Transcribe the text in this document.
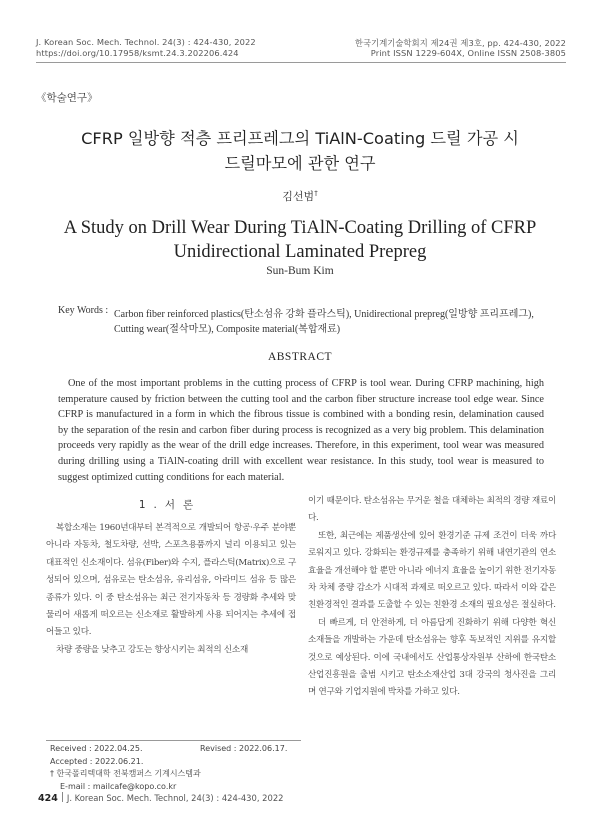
J. Korean Soc. Mech. Technol. 24(3) : 424-430, 2022
https://doi.org/10.17958/ksmt.24.3.202206.424
한국기계기술학회지 제24권 제3호, pp. 424-430, 2022
Print ISSN 1229-604X, Online ISSN 2508-3805
《학술연구》
CFRP 일방향 적층 프리프레그의 TiAlN-Coating 드릴 가공 시
드릴마모에 관한 연구
김선범†
A Study on Drill Wear During TiAlN-Coating Drilling of CFRP
Unidirectional Laminated Prepreg
Sun-Bum Kim
Key Words : Carbon fiber reinforced plastics(탄소섬유 강화 플라스틱), Unidirectional prepreg(일방향 프리프레그),
Cutting wear(절삭마모), Composite material(복합재료)
ABSTRACT

One of the most important problems in the cutting process of CFRP is tool wear. During CFRP machining, high temperature caused by friction between the cutting tool and the carbon fiber structure increase tool edge wear. Since CFRP is manufactured in a form in which the fibrous tissue is combined with a bonding resin, delamination caused by the separation of the resin and carbon fiber during process is recognized as a very big problem. This delamination proceeds very rapidly as the wear of the drill edge increases. Therefore, in this experiment, tool wear was measured during drilling using a TiAlN-coating drill with excellent wear resistance. In this study, tool wear is measured to suggest optimized cutting conditions for each material.

1.서론

복합소재는 1960년대부터 본격적으로 개발되어 항공·우주 분야뿐 아니라 자동차, 철도차량, 선박, 스포츠용품까지 널리 이용되고 있는 대표적인 신소재이다. 섬유(Fiber)와 수지, 플라스틱(Matrix)으로 구성되어 있으며, 섬유로는 탄소섬유, 유리섬유, 아라미드 섬유 등 많은 종류가 있다. 이 중 탄소섬유는 최근 전기자동차 등 경량화 추세와 맞물리어 새롭게 떠오르는 신소재로 활발하게 사용 되어지는 추세에 접어들고 있다.

차량 중량을 낮추고 강도는 향상시키는 최적의 신소재

Received : 2022.04.25.	Revised : 2022.06.17.
Accepted : 2022.06.21.
† 한국폴리텍대학 전북캠퍼스 기계시스템과
E-mail : mailcafe@kopo.co.kr

이기 때문이다. 탄소섬유는 무거운 철을 대체하는 최적의 경량 재료이다.

또한, 최근에는 제품생산에 있어 환경기준 규제 조건이 더욱 까다로워지고 있다. 강화되는 환경규제를 충족하기 위해 내연기관의 연소효율을 개선해야 할 뿐만 아니라 에너지 효율을 높이기 위한 전기자동차 차체 중량 감소가 시대적 과제로 떠오르고 있다. 따라서 이와 같은 친환경적인 결과를 도출할 수 있는 친환경 소재의 필요성은 절실하다.

더 빠르게, 더 안전하게, 더 아름답게 진화하기 위해 다양한 혁신 소재들을 개발하는 가운데 탄소섬유는 향후 독보적인 지위를 유지할 것으로 예상된다. 이에 국내에서도 산업통상자원부 산하에 한국탄소산업진흥원을 출범 시키고 탄소소재산업 3대 강국의 청사진을 그리며 연구와 기업지원에 박차를 가하고 있다.

424 J. Korean Soc. Mech. Technol, 24(3) : 424-430, 2022
